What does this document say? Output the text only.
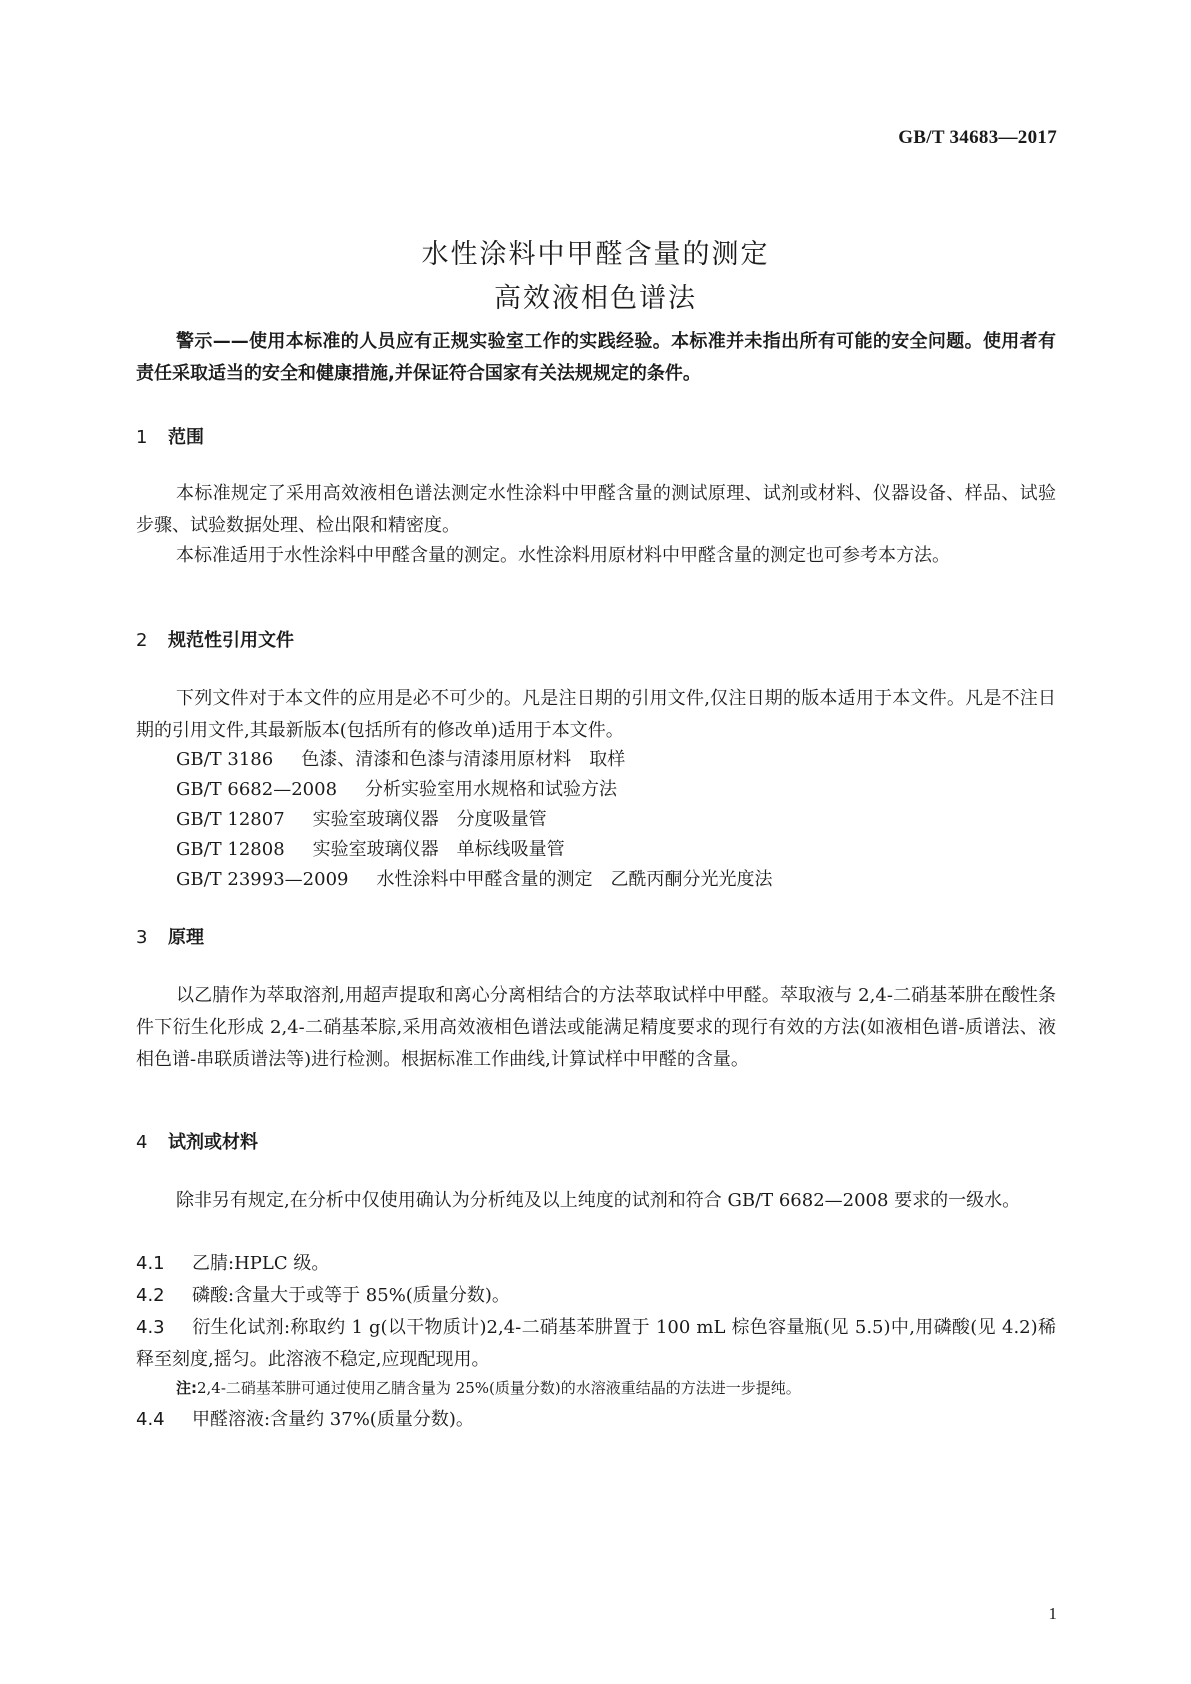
GB/T 34683—2017
水性涂料中甲醛含量的测定
高效液相色谱法

警示——使用本标准的人员应有正规实验室工作的实践经验。本标准并未指出所有可能的安全问题。使用者有责任采取适当的安全和健康措施,并保证符合国家有关法规规定的条件。

1 范围

本标准规定了采用高效液相色谱法测定水性涂料中甲醛含量的测试原理、试剂或材料、仪器设备、样品、试验步骤、试验数据处理、检出限和精密度。

本标准适用于水性涂料中甲醛含量的测定。水性涂料用原材料中甲醛含量的测定也可参考本方法。

2 规范性引用文件

下列文件对于本文件的应用是必不可少的。凡是注日期的引用文件,仅注日期的版本适用于本文件。凡是不注日期的引用文件,其最新版本(包括所有的修改单)适用于本文件。

GB/T 3186 色漆、清漆和色漆与清漆用原材料　取样
GB/T 6682—2008 分析实验室用水规格和试验方法
GB/T 12807 实验室玻璃仪器　分度吸量管
GB/T 12808 实验室玻璃仪器　单标线吸量管
GB/T 23993—2009 水性涂料中甲醛含量的测定　乙酰丙酮分光光度法
3 原理

以乙腈作为萃取溶剂,用超声提取和离心分离相结合的方法萃取试样中甲醛。萃取液与 2,4-二硝基苯肼在酸性条件下衍生化形成 2,4-二硝基苯腙,采用高效液相色谱法或能满足精度要求的现行有效的方法(如液相色谱-质谱法、液相色谱-串联质谱法等)进行检测。根据标准工作曲线,计算试样中甲醛的含量。

4 试剂或材料

除非另有规定,在分析中仅使用确认为分析纯及以上纯度的试剂和符合 GB/T 6682—2008 要求的一级水。

4.1 乙腈:HPLC 级。
4.2 磷酸:含量大于或等于 85%(质量分数)。

4.3 衍生化试剂:称取约 1 g(以干物质计)2,4-二硝基苯肼置于 100 mL 棕色容量瓶(见 5.5)中,用磷酸(见 4.2)稀释至刻度,摇匀。此溶液不稳定,应现配现用。

注:2,4-二硝基苯肼可通过使用乙腈含量为 25%(质量分数)的水溶液重结晶的方法进一步提纯。
4.4 甲醛溶液:含量约 37%(质量分数)。
1
